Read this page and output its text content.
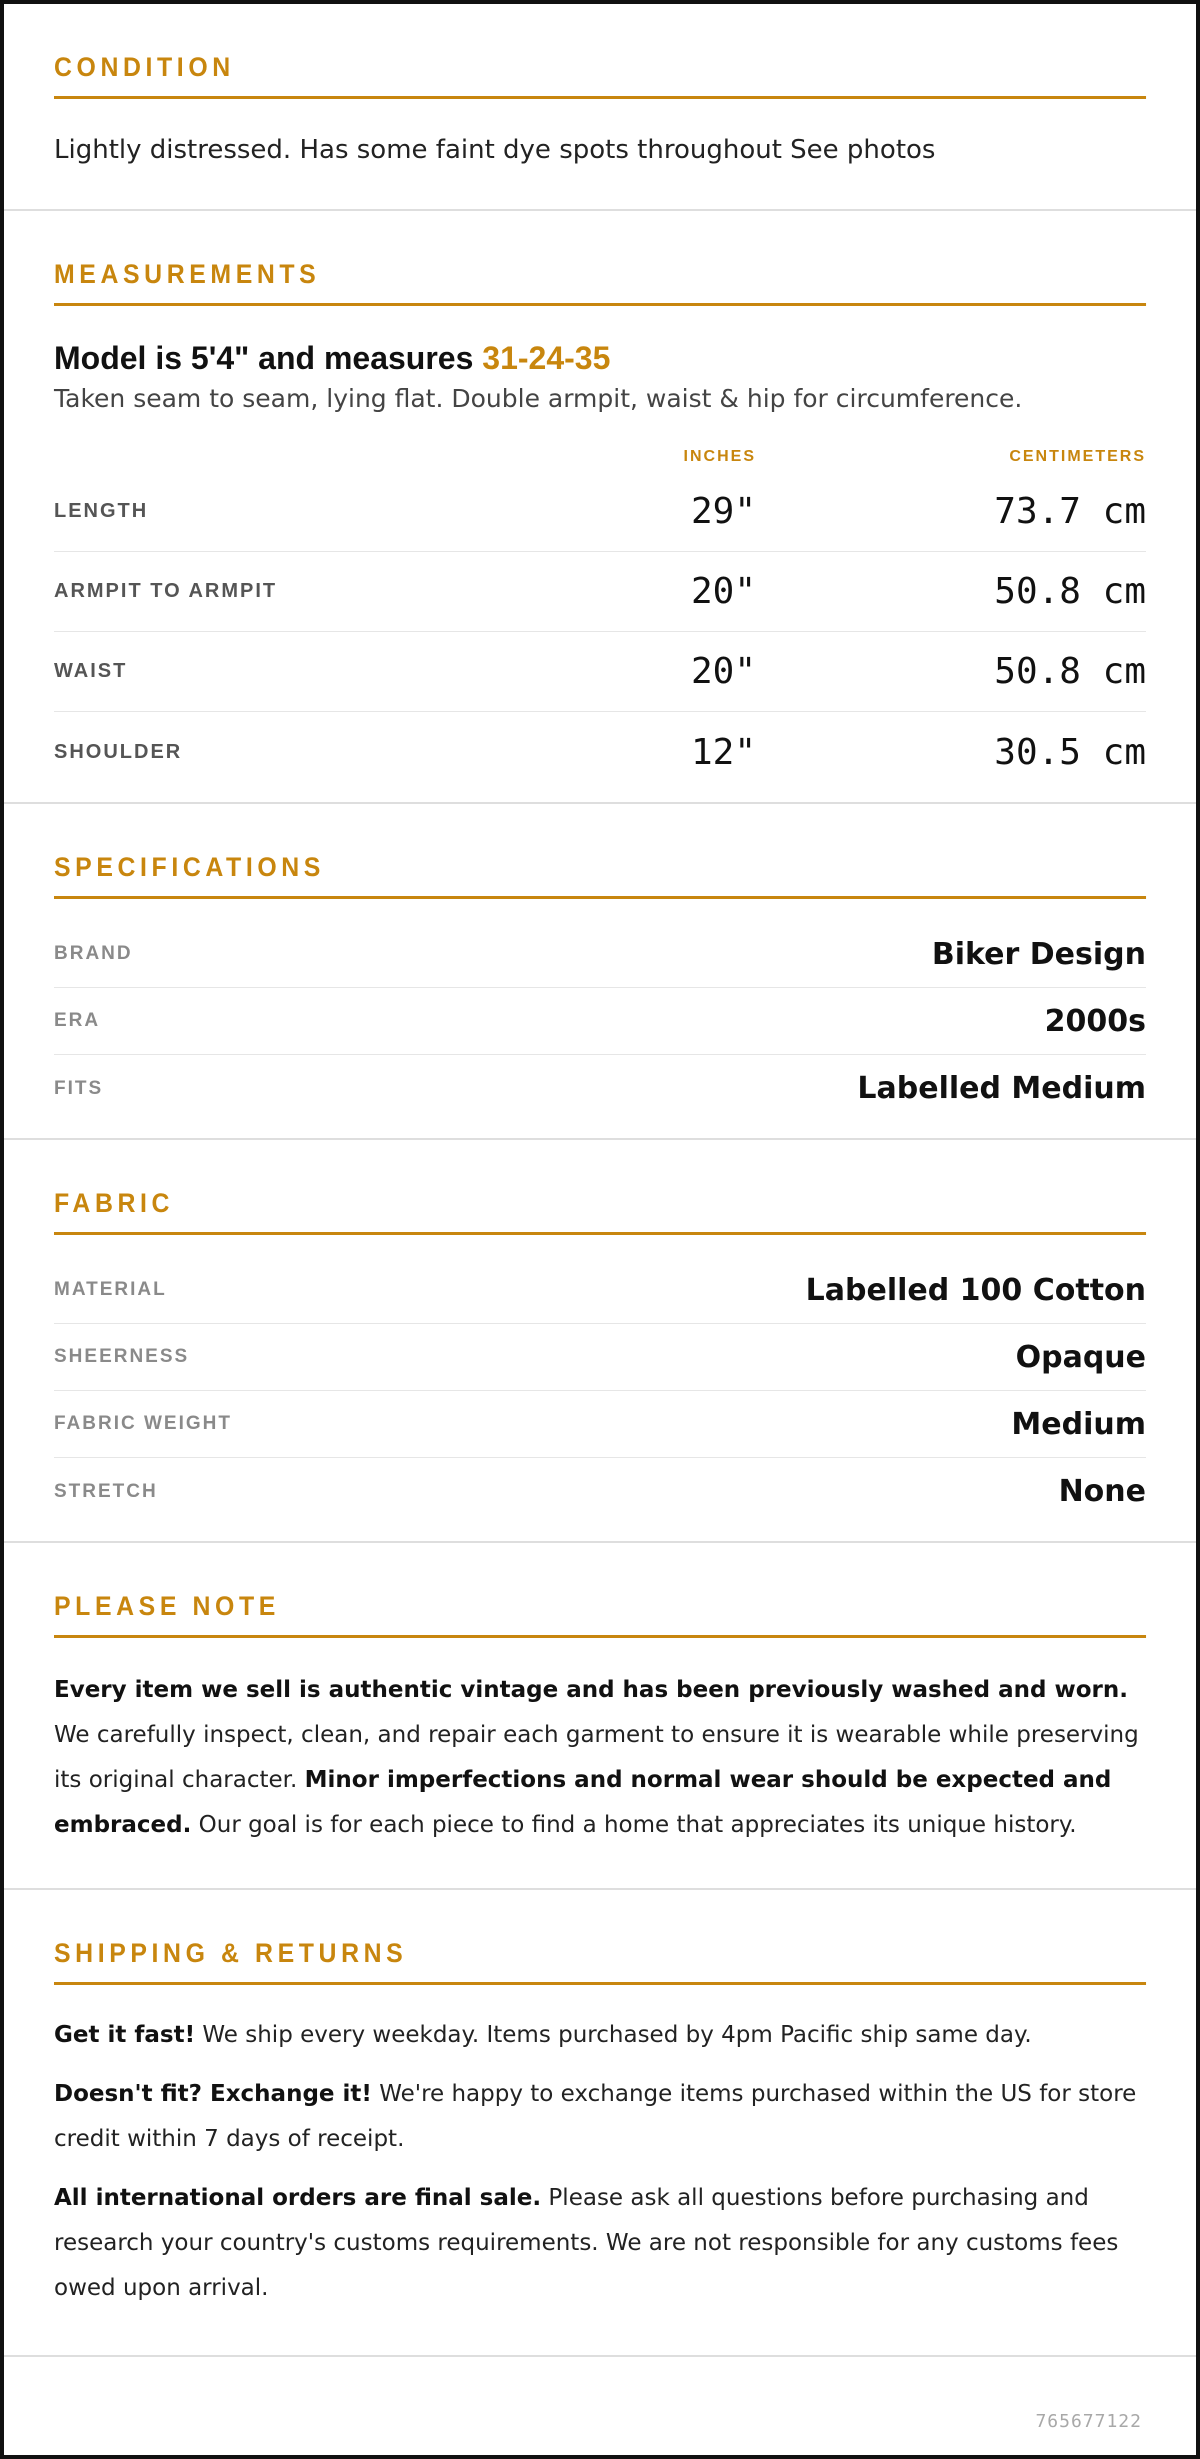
CONDITION
Lightly distressed. Has some faint dye spots throughout See photos
MEASUREMENTS
Model is 5'4" and measures 31-24-35
Taken seam to seam, lying flat. Double armpit, waist & hip for circumference.
INCHES	CENTIMETERS
LENGTH	29"	73.7 cm
ARMPIT TO ARMPIT	20"	50.8 cm
WAIST	20"	50.8 cm
SHOULDER	12"	30.5 cm
SPECIFICATIONS
BRAND	Biker Design
ERA	2000s
FITS	Labelled Medium
FABRIC
MATERIAL	Labelled 100 Cotton
SHEERNESS	Opaque
FABRIC WEIGHT	Medium
STRETCH	None
PLEASE NOTE

Every item we sell is authentic vintage and has been previously washed and worn. We carefully inspect, clean, and repair each garment to ensure it is wearable while preserving its original character. Minor imperfections and normal wear should be expected and embraced. Our goal is for each piece to find a home that appreciates its unique history.

SHIPPING & RETURNS

Get it fast! We ship every weekday. Items purchased by 4pm Pacific ship same day.

Doesn't fit? Exchange it! We're happy to exchange items purchased within the US for store credit within 7 days of receipt.

All international orders are final sale. Please ask all questions before purchasing and research your country's customs requirements. We are not responsible for any customs fees owed upon arrival.

765677122
